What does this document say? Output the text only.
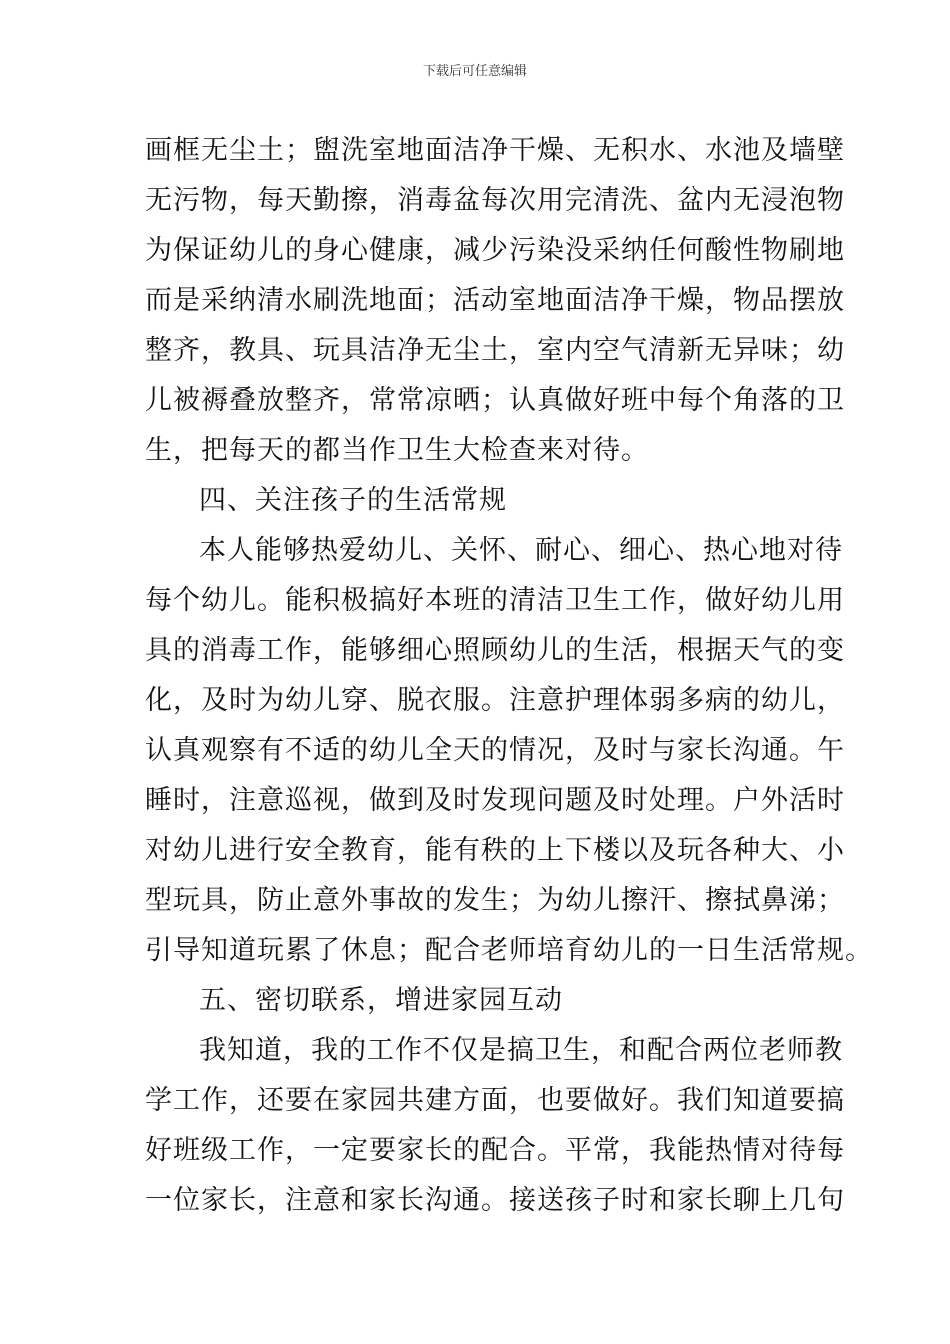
下载后可任意编辑
画框无尘土；盥洗室地面洁净干燥、无积水、水池及墙壁
无污物，每天勤擦，消毒盆每次用完清洗、盆内无浸泡物
为保证幼儿的身心健康，减少污染没采纳任何酸性物刷地
而是采纳清水刷洗地面；活动室地面洁净干燥，物品摆放
整齐，教具、玩具洁净无尘土，室内空气清新无异味；幼
儿被褥叠放整齐，常常凉晒；认真做好班中每个角落的卫
生，把每天的都当作卫生大检查来对待。
四、关注孩子的生活常规
本人能够热爱幼儿、关怀、耐心、细心、热心地对待
每个幼儿。能积极搞好本班的清洁卫生工作，做好幼儿用
具的消毒工作，能够细心照顾幼儿的生活，根据天气的变
化，及时为幼儿穿、脱衣服。注意护理体弱多病的幼儿，
认真观察有不适的幼儿全天的情况，及时与家长沟通。午
睡时，注意巡视，做到及时发现问题及时处理。户外活时
对幼儿进行安全教育，能有秩的上下楼以及玩各种大、小
型玩具，防止意外事故的发生；为幼儿擦汗、擦拭鼻涕；
引导知道玩累了休息；配合老师培育幼儿的一日生活常规。
五、密切联系，增进家园互动
我知道，我的工作不仅是搞卫生，和配合两位老师教
学工作，还要在家园共建方面，也要做好。我们知道要搞
好班级工作，一定要家长的配合。平常，我能热情对待每
一位家长，注意和家长沟通。接送孩子时和家长聊上几句
